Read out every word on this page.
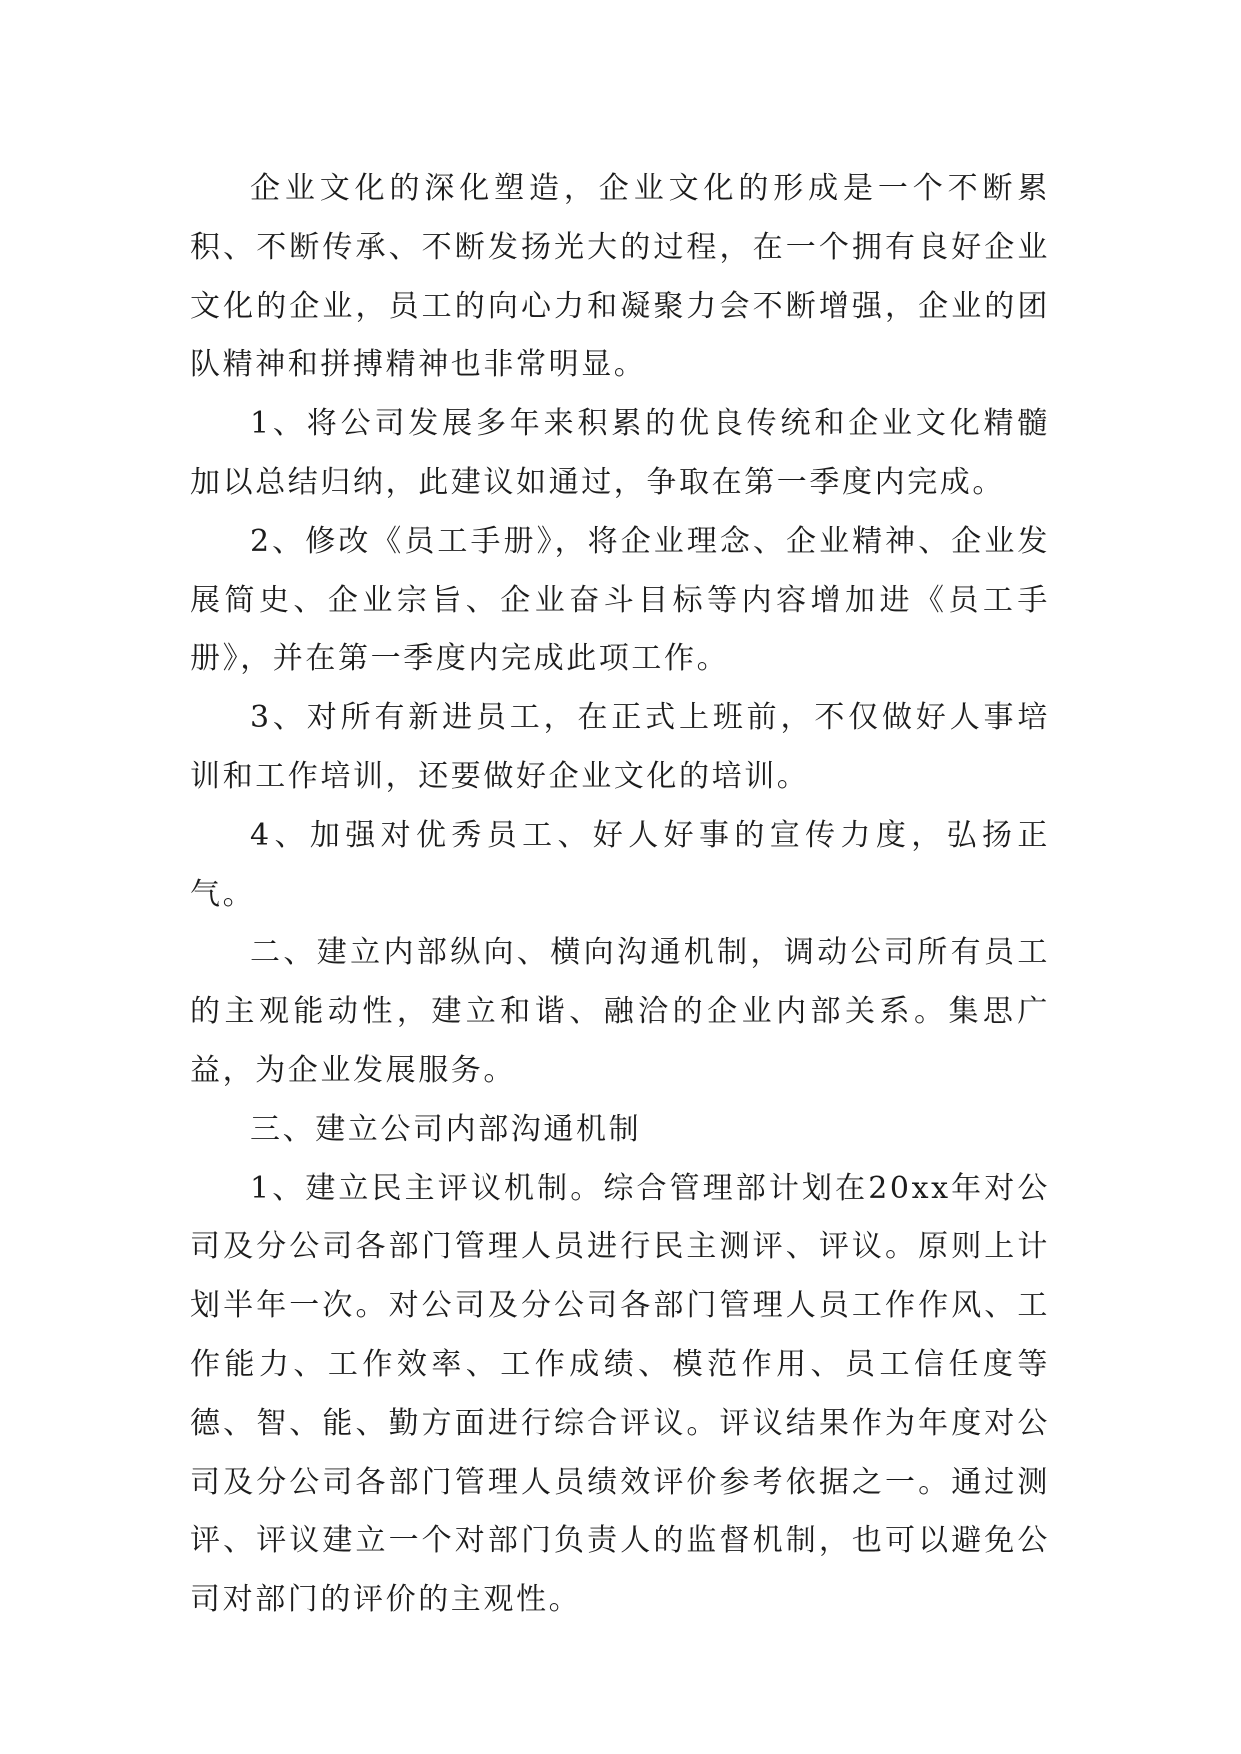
企业文化的深化塑造，企业文化的形成是一个不断累积、不断传承、不断发扬光大的过程，在一个拥有良好企业文化的企业，员工的向心力和凝聚力会不断增强，企业的团队精神和拼搏精神也非常明显。

1、将公司发展多年来积累的优良传统和企业文化精髓加以总结归纳，此建议如通过，争取在第一季度内完成。

2、修改《员工手册》，将企业理念、企业精神、企业发展简史、企业宗旨、企业奋斗目标等内容增加进《员工手册》，并在第一季度内完成此项工作。

3、对所有新进员工，在正式上班前，不仅做好人事培训和工作培训，还要做好企业文化的培训。

4、加强对优秀员工、好人好事的宣传力度，弘扬正气。

二、建立内部纵向、横向沟通机制，调动公司所有员工的主观能动性，建立和谐、融洽的企业内部关系。集思广益，为企业发展服务。

三、建立公司内部沟通机制

1、建立民主评议机制。综合管理部计划在20xx年对公司及分公司各部门管理人员进行民主测评、评议。原则上计划半年一次。对公司及分公司各部门管理人员工作作风、工作能力、工作效率、工作成绩、模范作用、员工信任度等德、智、能、勤方面进行综合评议。评议结果作为年度对公司及分公司各部门管理人员绩效评价参考依据之一。通过测评、评议建立一个对部门负责人的监督机制，也可以避免公司对部门的评价的主观性。
